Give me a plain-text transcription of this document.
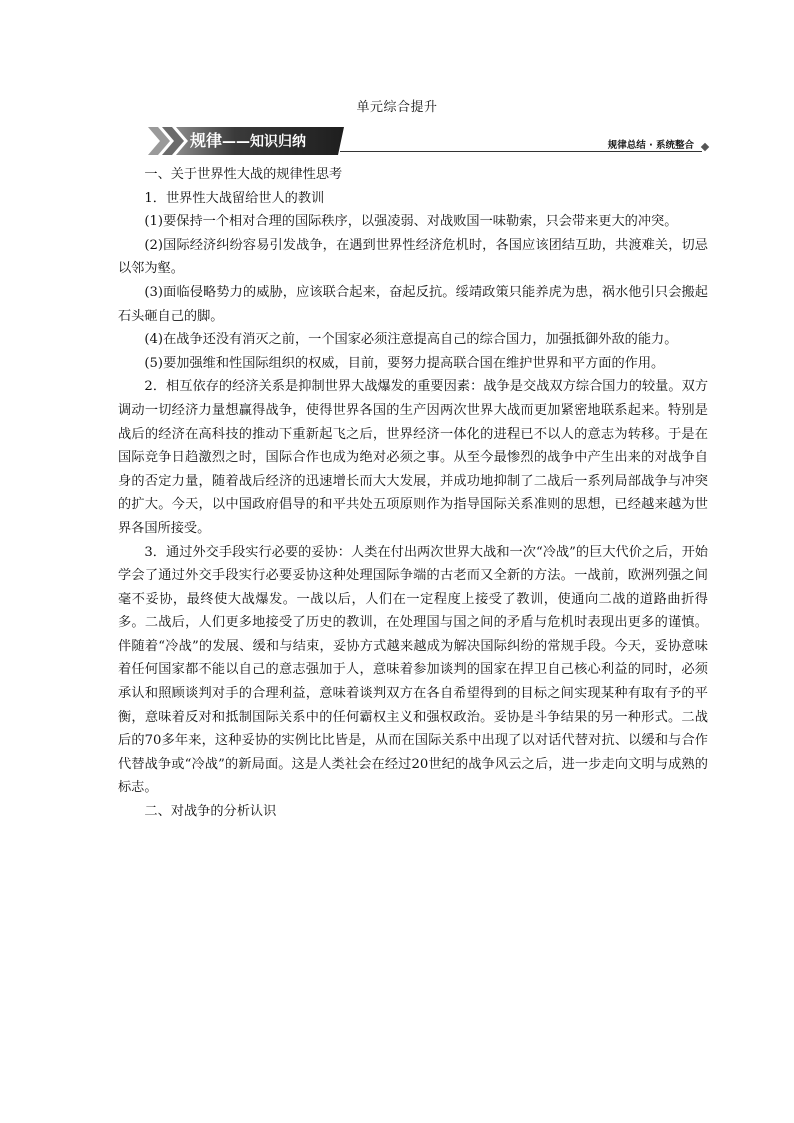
单元综合提升
规律——知识归纳	规律总结 · 系统整合

一、关于世界性大战的规律性思考

1．世界性大战留给世人的教训

(1)要保持一个相对合理的国际秩序，以强凌弱、对战败国一味勒索，只会带来更大的冲突。

(2)国际经济纠纷容易引发战争，在遇到世界性经济危机时，各国应该团结互助，共渡难关，切忌以邻为壑。

(3)面临侵略势力的威胁，应该联合起来，奋起反抗。绥靖政策只能养虎为患，祸水他引只会搬起石头砸自己的脚。

(4)在战争还没有消灭之前，一个国家必须注意提高自己的综合国力，加强抵御外敌的能力。

(5)要加强维和性国际组织的权威，目前，要努力提高联合国在维护世界和平方面的作用。

2．相互依存的经济关系是抑制世界大战爆发的重要因素：战争是交战双方综合国力的较量。双方调动一切经济力量想赢得战争，使得世界各国的生产因两次世界大战而更加紧密地联系起来。特别是战后的经济在高科技的推动下重新起飞之后，世界经济一体化的进程已不以人的意志为转移。于是在国际竞争日趋激烈之时，国际合作也成为绝对必须之事。从至今最惨烈的战争中产生出来的对战争自身的否定力量，随着战后经济的迅速增长而大大发展，并成功地抑制了二战后一系列局部战争与冲突的扩大。今天，以中国政府倡导的和平共处五项原则作为指导国际关系准则的思想，已经越来越为世界各国所接受。

3．通过外交手段实行必要的妥协：人类在付出两次世界大战和一次“冷战”的巨大代价之后，开始学会了通过外交手段实行必要妥协这种处理国际争端的古老而又全新的方法。一战前，欧洲列强之间毫不妥协，最终使大战爆发。一战以后，人们在一定程度上接受了教训，使通向二战的道路曲折得多。二战后，人们更多地接受了历史的教训，在处理国与国之间的矛盾与危机时表现出更多的谨慎。伴随着“冷战”的发展、缓和与结束，妥协方式越来越成为解决国际纠纷的常规手段。今天，妥协意味着任何国家都不能以自己的意志强加于人，意味着参加谈判的国家在捍卫自己核心利益的同时，必须承认和照顾谈判对手的合理利益，意味着谈判双方在各自希望得到的目标之间实现某种有取有予的平衡，意味着反对和抵制国际关系中的任何霸权主义和强权政治。妥协是斗争结果的另一种形式。二战后的70多年来，这种妥协的实例比比皆是，从而在国际关系中出现了以对话代替对抗、以缓和与合作代替战争或“冷战”的新局面。这是人类社会在经过20世纪的战争风云之后，进一步走向文明与成熟的标志。

二、对战争的分析认识
